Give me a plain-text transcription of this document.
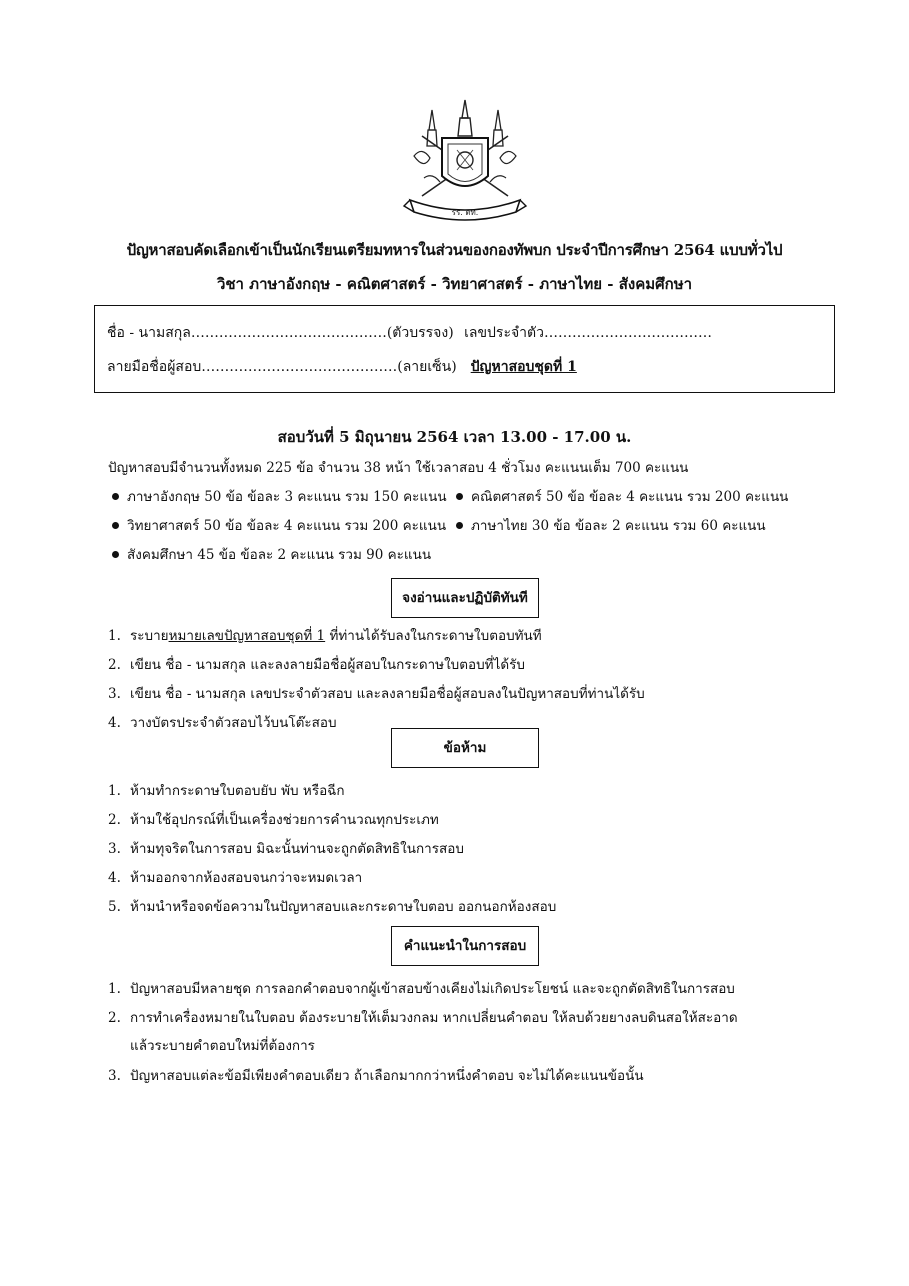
รร. ตท.
ปัญหาสอบคัดเลือกเข้าเป็นนักเรียนเตรียมทหารในส่วนของกองทัพบก ประจำปีการศึกษา 2564 แบบทั่วไป
วิชา ภาษาอังกฤษ - คณิตศาสตร์ - วิทยาศาสตร์ - ภาษาไทย - สังคมศึกษา
ชื่อ - นามสกุล……………………………………(ตัวบรรจง) เลขประจำตัว………………………………
ลายมือชื่อผู้สอบ……………………………………(ลายเซ็น) ปัญหาสอบชุดที่ 1
สอบวันที่ 5 มิถุนายน 2564 เวลา 13.00 - 17.00 น.
ปัญหาสอบมีจำนวนทั้งหมด 225 ข้อ จำนวน 38 หน้า ใช้เวลาสอบ 4 ชั่วโมง คะแนนเต็ม 700 คะแนน
ภาษาอังกฤษ 50 ข้อ ข้อละ 3 คะแนน รวม 150 คะแนน	คณิตศาสตร์ 50 ข้อ ข้อละ 4 คะแนน รวม 200 คะแนน
วิทยาศาสตร์ 50 ข้อ ข้อละ 4 คะแนน รวม 200 คะแนน	ภาษาไทย 30 ข้อ ข้อละ 2 คะแนน รวม 60 คะแนน
สังคมศึกษา 45 ข้อ ข้อละ 2 คะแนน รวม 90 คะแนน
จงอ่านและปฏิบัติทันที
1. ระบายหมายเลขปัญหาสอบชุดที่ 1 ที่ท่านได้รับลงในกระดาษใบตอบทันที
2. เขียน ชื่อ - นามสกุล และลงลายมือชื่อผู้สอบในกระดาษใบตอบที่ได้รับ
3. เขียน ชื่อ - นามสกุล เลขประจำตัวสอบ และลงลายมือชื่อผู้สอบลงในปัญหาสอบที่ท่านได้รับ
4. วางบัตรประจำตัวสอบไว้บนโต๊ะสอบ
ข้อห้าม
1. ห้ามทำกระดาษใบตอบยับ พับ หรือฉีก
2. ห้ามใช้อุปกรณ์ที่เป็นเครื่องช่วยการคำนวณทุกประเภท
3. ห้ามทุจริตในการสอบ มิฉะนั้นท่านจะถูกตัดสิทธิในการสอบ
4. ห้ามออกจากห้องสอบจนกว่าจะหมดเวลา
5. ห้ามนำหรือจดข้อความในปัญหาสอบและกระดาษใบตอบ ออกนอกห้องสอบ
คำแนะนำในการสอบ
1. ปัญหาสอบมีหลายชุด การลอกคำตอบจากผู้เข้าสอบข้างเคียงไม่เกิดประโยชน์ และจะถูกตัดสิทธิในการสอบ
2. การทำเครื่องหมายในใบตอบ ต้องระบายให้เต็มวงกลม หากเปลี่ยนคำตอบ ให้ลบด้วยยางลบดินสอให้สะอาด
แล้วระบายคำตอบใหม่ที่ต้องการ
3. ปัญหาสอบแต่ละข้อมีเพียงคำตอบเดียว ถ้าเลือกมากกว่าหนึ่งคำตอบ จะไม่ได้คะแนนข้อนั้น
